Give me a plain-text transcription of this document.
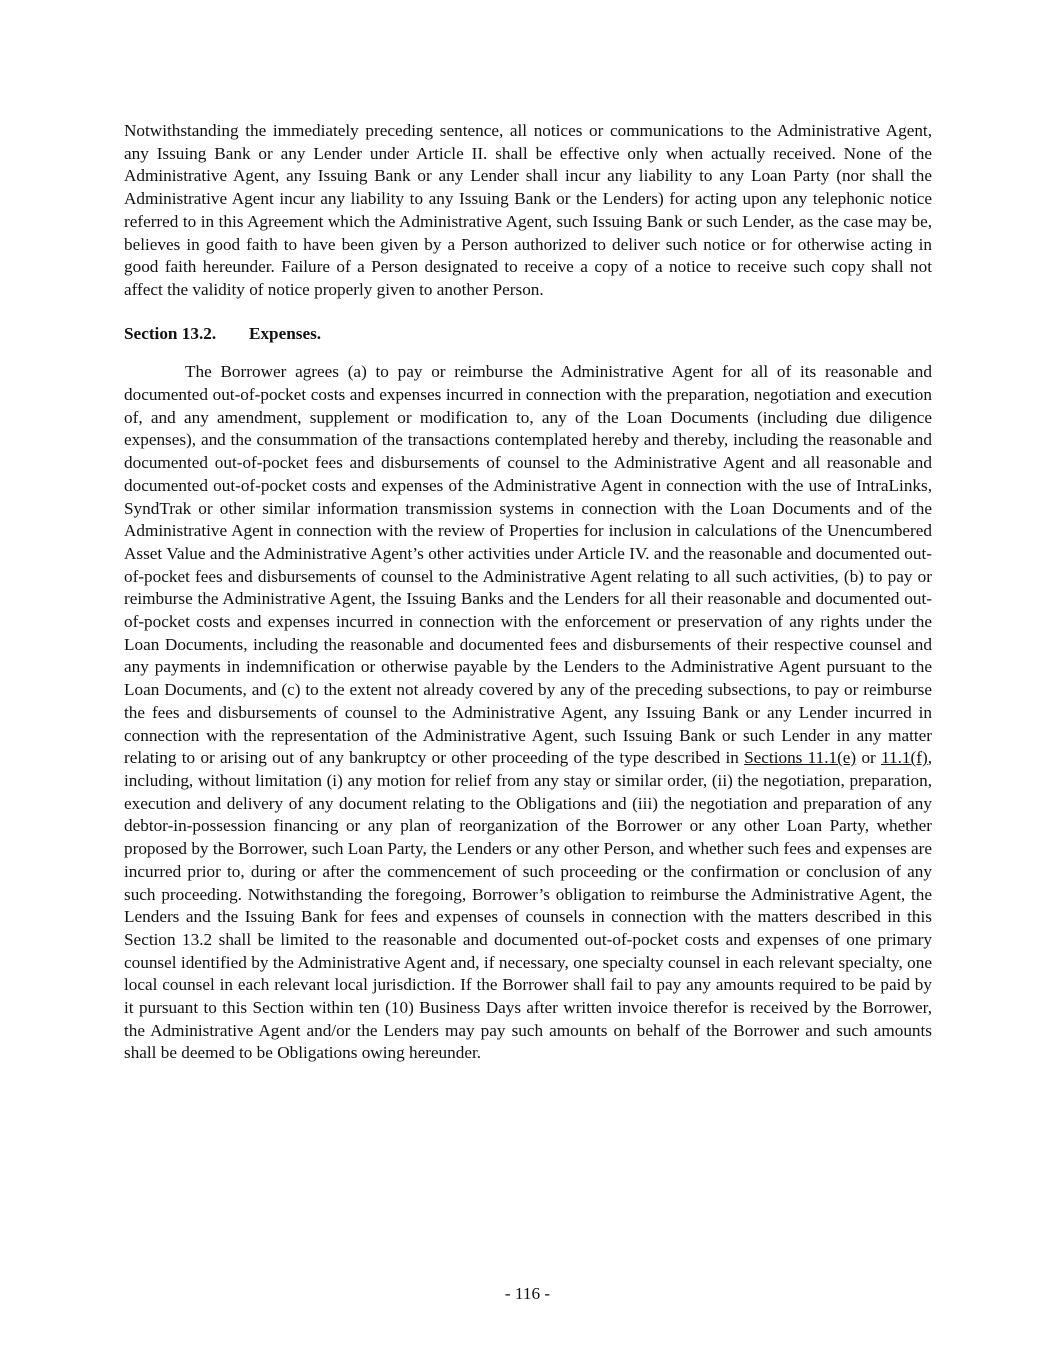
Notwithstanding the immediately preceding sentence, all notices or communications to the Administrative Agent, any Issuing Bank or any Lender under Article II. shall be effective only when actually received. None of the Administrative Agent, any Issuing Bank or any Lender shall incur any liability to any Loan Party (nor shall the Administrative Agent incur any liability to any Issuing Bank or the Lenders) for acting upon any telephonic notice referred to in this Agreement which the Administrative Agent, such Issuing Bank or such Lender, as the case may be, believes in good faith to have been given by a Person authorized to deliver such notice or for otherwise acting in good faith hereunder. Failure of a Person designated to receive a copy of a notice to receive such copy shall not affect the validity of notice properly given to another Person.

Section 13.2. Expenses.

The Borrower agrees (a) to pay or reimburse the Administrative Agent for all of its reasonable and documented out-of-pocket costs and expenses incurred in connection with the preparation, negotiation and execution of, and any amendment, supplement or modification to, any of the Loan Documents (including due diligence expenses), and the consummation of the transactions contemplated hereby and thereby, including the reasonable and documented out-of-pocket fees and disbursements of counsel to the Administrative Agent and all reasonable and documented out-of-pocket costs and expenses of the Administrative Agent in connection with the use of IntraLinks, SyndTrak or other similar information transmission systems in connection with the Loan Documents and of the Administrative Agent in connection with the review of Properties for inclusion in calculations of the Unencumbered Asset Value and the Administrative Agent’s other activities under Article IV. and the reasonable and documented out-of-pocket fees and disbursements of counsel to the Administrative Agent relating to all such activities, (b) to pay or reimburse the Administrative Agent, the Issuing Banks and the Lenders for all their reasonable and documented out-of-pocket costs and expenses incurred in connection with the enforcement or preservation of any rights under the Loan Documents, including the reasonable and documented fees and disbursements of their respective counsel and any payments in indemnification or otherwise payable by the Lenders to the Administrative Agent pursuant to the Loan Documents, and (c) to the extent not already covered by any of the preceding subsections, to pay or reimburse the fees and disbursements of counsel to the Administrative Agent, any Issuing Bank or any Lender incurred in connection with the representation of the Administrative Agent, such Issuing Bank or such Lender in any matter relating to or arising out of any bankruptcy or other proceeding of the type described in Sections 11.1(e) or 11.1(f), including, without limitation (i) any motion for relief from any stay or similar order, (ii) the negotiation, preparation, execution and delivery of any document relating to the Obligations and (iii) the negotiation and preparation of any debtor-in-possession financing or any plan of reorganization of the Borrower or any other Loan Party, whether proposed by the Borrower, such Loan Party, the Lenders or any other Person, and whether such fees and expenses are incurred prior to, during or after the commencement of such proceeding or the confirmation or conclusion of any such proceeding. Notwithstanding the foregoing, Borrower’s obligation to reimburse the Administrative Agent, the Lenders and the Issuing Bank for fees and expenses of counsels in connection with the matters described in this Section 13.2 shall be limited to the reasonable and documented out-of-pocket costs and expenses of one primary counsel identified by the Administrative Agent and, if necessary, one specialty counsel in each relevant specialty, one local counsel in each relevant local jurisdiction. If the Borrower shall fail to pay any amounts required to be paid by it pursuant to this Section within ten (10) Business Days after written invoice therefor is received by the Borrower, the Administrative Agent and/or the Lenders may pay such amounts on behalf of the Borrower and such amounts shall be deemed to be Obligations owing hereunder.

- 116 -
